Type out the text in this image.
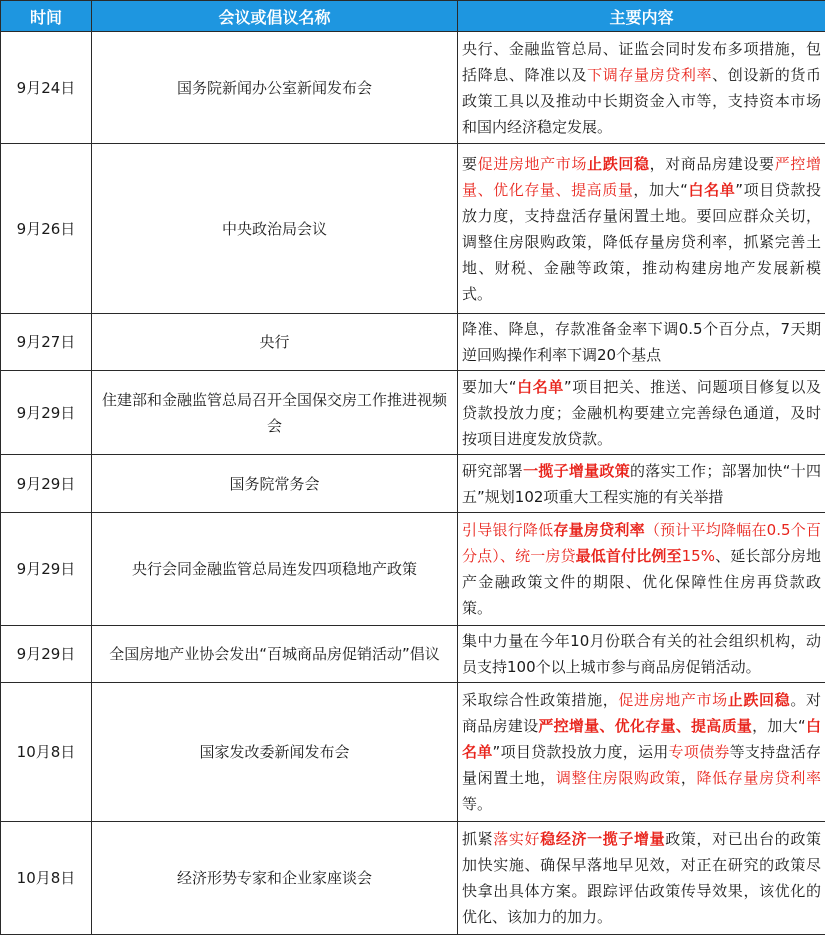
时间	会议或倡议名称	主要内容
9月24日	国务院新闻办公室新闻发布会	央行、金融监管总局、证监会同时发布多项措施，包括降息、降准以及下调存量房贷利率、创设新的货币政策工具以及推动中长期资金入市等，支持资本市场和国内经济稳定发展。

9月26日	中央政治局会议	要促进房地产市场止跌回稳，对商品房建设要严控增量、优化存量、提高质量，加大“白名单”项目贷款投放力度，支持盘活存量闲置土地。要回应群众关切，调整住房限购政策，降低存量房贷利率，抓紧完善土地、财税、金融等政策，推动构建房地产发展新模式。

9月27日	央行	降准、降息，存款准备金率下调0.5个百分点，7天期逆回购操作利率下调20个基点

9月29日	住建部和金融监管总局召开全国保交房工作推进视频会	要加大“白名单”项目把关、推送、问题项目修复以及贷款投放力度；金融机构要建立完善绿色通道，及时按项目进度发放贷款。

9月29日	国务院常务会	研究部署一揽子增量政策的落实工作；部署加快“十四五”规划102项重大工程实施的有关举措

9月29日	央行会同金融监管总局连发四项稳地产政策	引导银行降低存量房贷利率（预计平均降幅在0.5个百分点）、统一房贷最低首付比例至15%、延长部分房地产金融政策文件的期限、优化保障性住房再贷款政策。

9月29日	全国房地产业协会发出“百城商品房促销活动”倡议	集中力量在今年10月份联合有关的社会组织机构，动员支持100个以上城市参与商品房促销活动。

10月8日	国家发改委新闻发布会	采取综合性政策措施，促进房地产市场止跌回稳。对商品房建设严控增量、优化存量、提高质量，加大“白名单”项目贷款投放力度，运用专项债券等支持盘活存量闲置土地，调整住房限购政策，降低存量房贷利率等。

10月8日	经济形势专家和企业家座谈会	抓紧落实好稳经济一揽子增量政策，对已出台的政策加快实施、确保早落地早见效，对正在研究的政策尽快拿出具体方案。跟踪评估政策传导效果，该优化的优化、该加力的加力。
